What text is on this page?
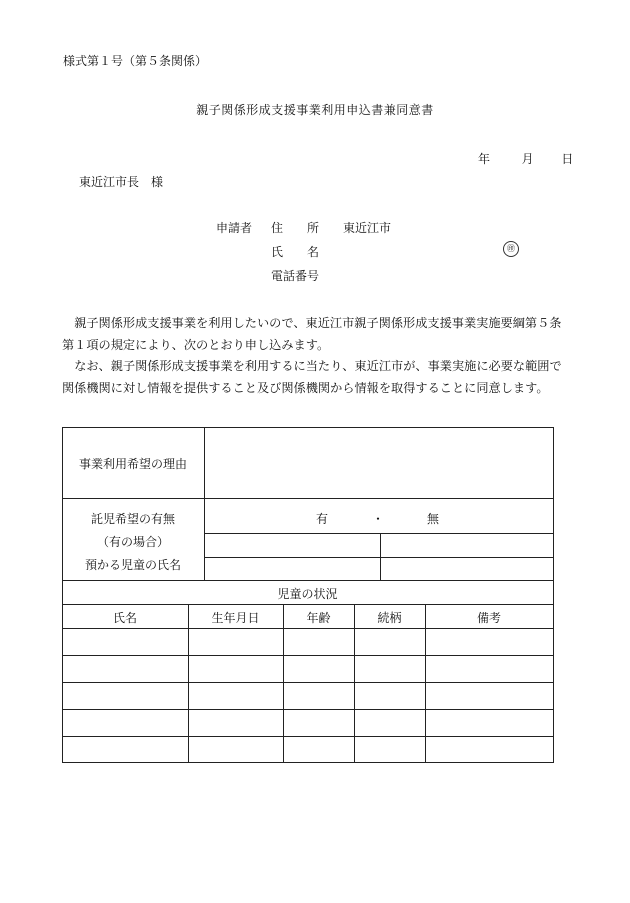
様式第１号（第５条関係）
親子関係形成支援事業利用申込書兼同意書
年	月 日
東近江市長　様
申請者 住　　所 東近江市
氏　　名	㊞
電話番号

親子関係形成支援事業を利用したいので、東近江市親子関係形成支援事業実施要綱第５条第１項の規定により、次のとおり申し込みます。

なお、親子関係形成支援事業を利用するに当たり、東近江市が、事業実施に必要な範囲で関係機関に対し情報を提供すること及び関係機関から情報を取得することに同意します。

事業利用希望の理由
託児希望の有無
（有の場合）
預かる児童の氏名
有	・	無
児童の状況
氏名	生年月日	年齢	続柄	備考
